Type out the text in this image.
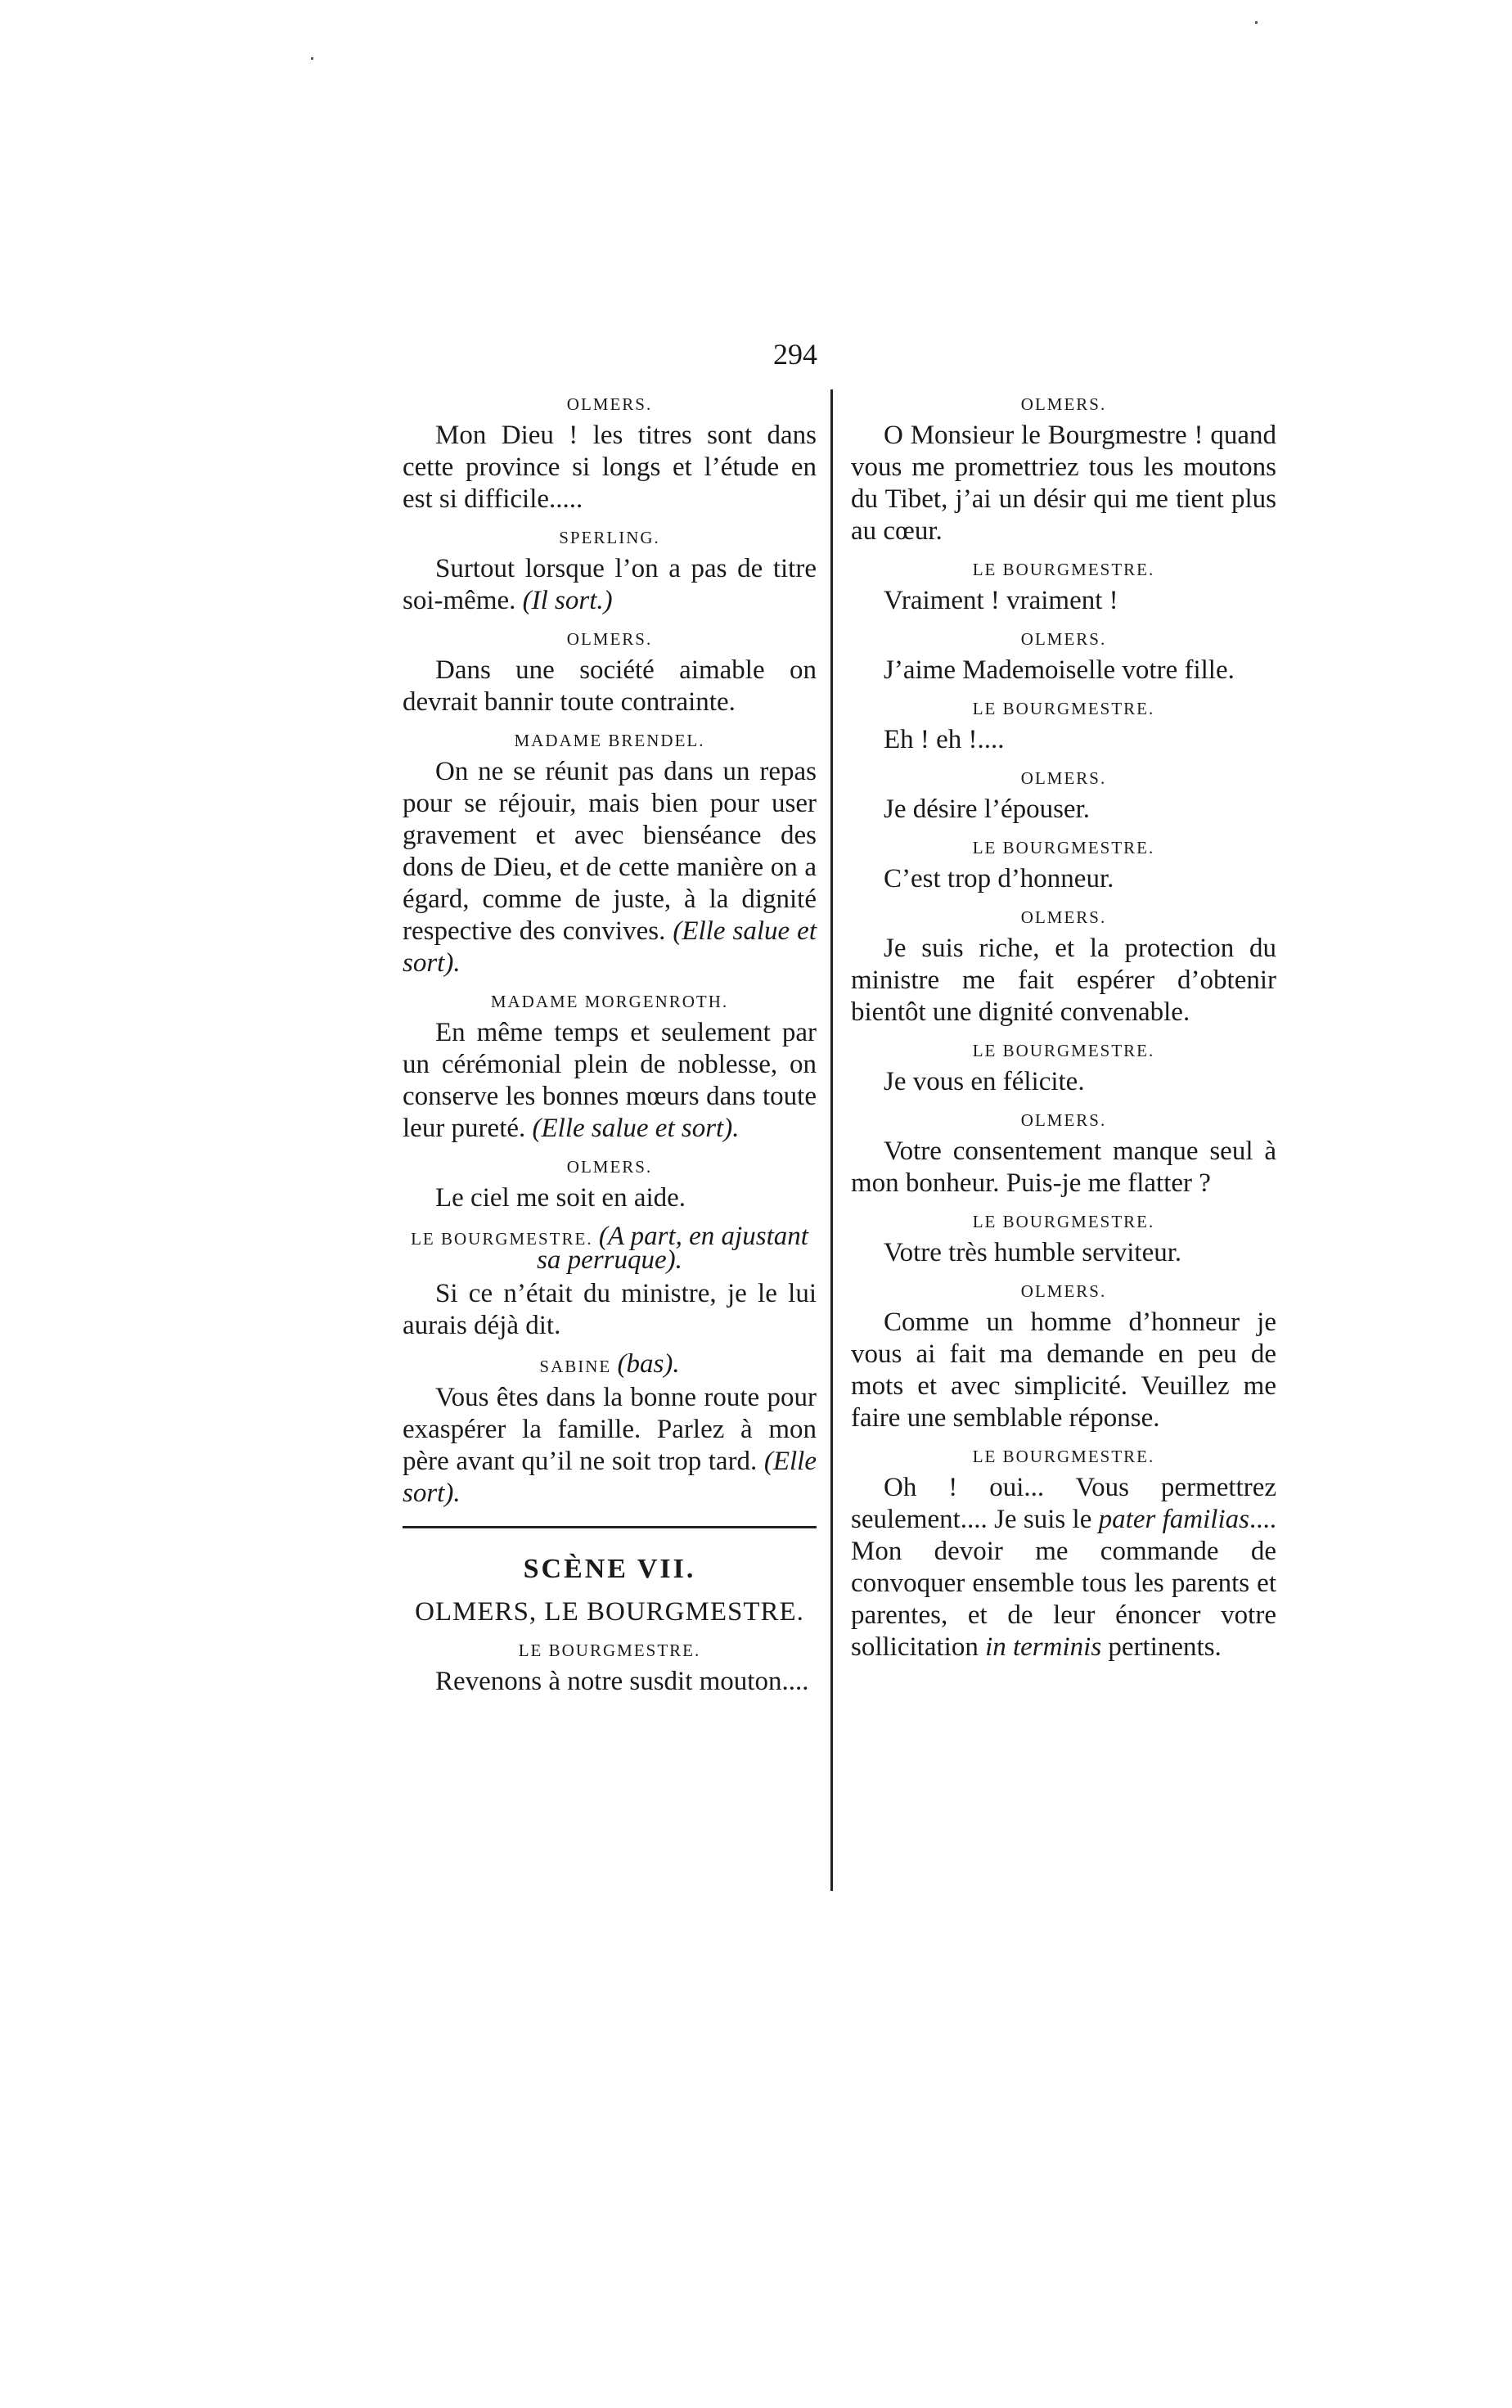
294
OLMERS.

Mon Dieu ! les titres sont dans cette province si longs et l’étude en est si difficile.....

SPERLING.

Surtout lorsque l’on a pas de titre soi-même. (Il sort.)

OLMERS.

Dans une société aimable on devrait bannir toute contrainte.

MADAME BRENDEL.

On ne se réunit pas dans un repas pour se réjouir, mais bien pour user gravement et avec bienséance des dons de Dieu, et de cette manière on a égard, comme de juste, à la dignité respective des convives. (Elle salue et sort).

MADAME MORGENROTH.

En même temps et seulement par un cérémonial plein de noblesse, on conserve les bonnes mœurs dans toute leur pureté. (Elle salue et sort).

OLMERS.

Le ciel me soit en aide.

LE BOURGMESTRE. (A part, en ajustant sa perruque).

Si ce n’était du ministre, je le lui aurais déjà dit.

SABINE (bas).

Vous êtes dans la bonne route pour exaspérer la famille. Parlez à mon père avant qu’il ne soit trop tard. (Elle sort).

SCÈNE VII.
OLMERS, LE BOURGMESTRE.
LE BOURGMESTRE.

Revenons à notre susdit mouton....

OLMERS.

O Monsieur le Bourgmestre ! quand vous me promettriez tous les moutons du Tibet, j’ai un désir qui me tient plus au cœur.

LE BOURGMESTRE.

Vraiment ! vraiment !

OLMERS.

J’aime Mademoiselle votre fille.

LE BOURGMESTRE.

Eh ! eh !....

OLMERS.

Je désire l’épouser.

LE BOURGMESTRE.

C’est trop d’honneur.

OLMERS.

Je suis riche, et la protection du ministre me fait espérer d’obtenir bientôt une dignité convenable.

LE BOURGMESTRE.

Je vous en félicite.

OLMERS.

Votre consentement manque seul à mon bonheur. Puis-je me flatter ?

LE BOURGMESTRE.

Votre très humble serviteur.

OLMERS.

Comme un homme d’honneur je vous ai fait ma demande en peu de mots et avec simplicité. Veuillez me faire une semblable réponse.

LE BOURGMESTRE.

Oh ! oui... Vous permettrez seulement.... Je suis le pater familias.... Mon devoir me commande de convoquer ensemble tous les parents et parentes, et de leur énoncer votre sollicitation in terminis pertinents.
